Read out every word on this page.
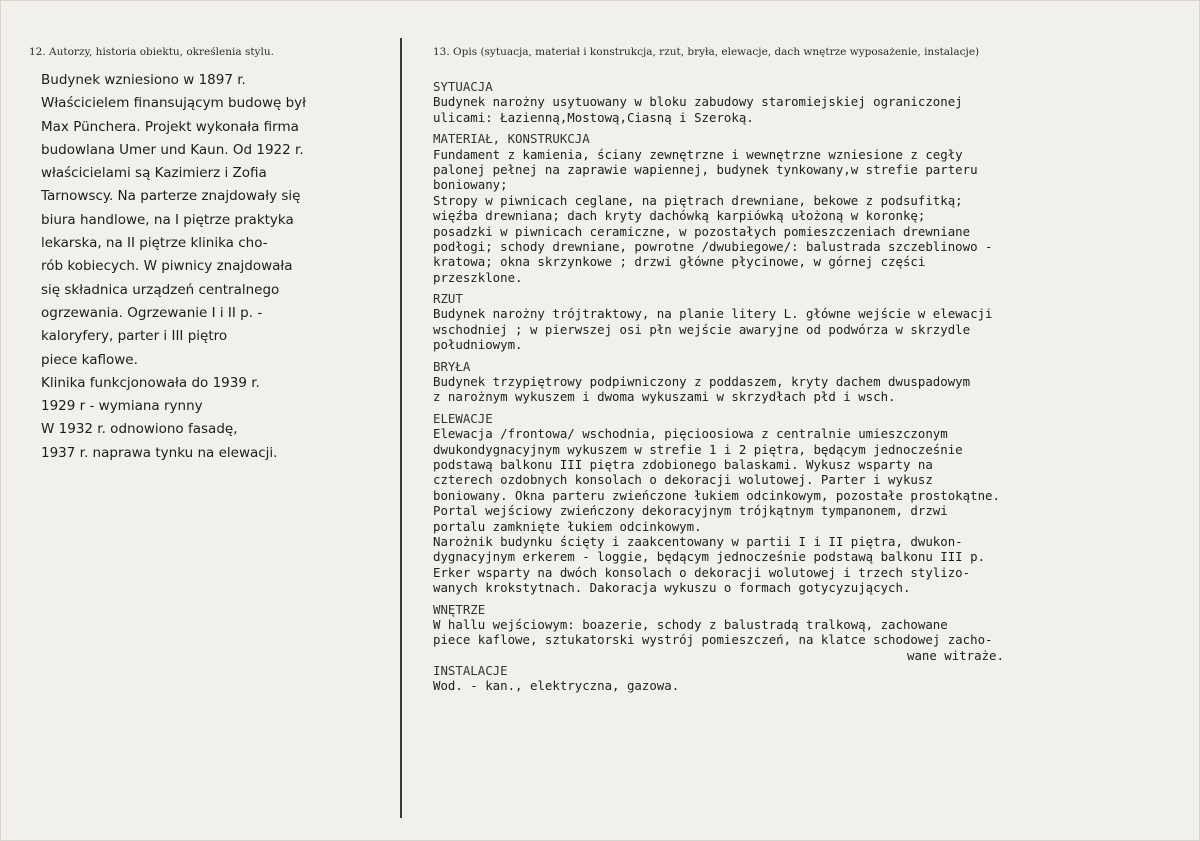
12. Autorzy, historia obiektu, określenia stylu.	13. Opis (sytuacja, materiał i konstrukcja, rzut, bryła, elewacje, dach wnętrze wyposażenie, instalacje)
Budynek wzniesiono w 1897 r.
Właścicielem finansującym budowę był
Max Pünchera. Projekt wykonała firma
budowlana Umer und Kaun. Od 1922 r.
właścicielami są Kazimierz i Zofia
Tarnowscy. Na parterze znajdowały się
biura handlowe, na I piętrze praktyka
lekarska, na II piętrze klinika cho-
rób kobiecych. W piwnicy znajdowała
się składnica urządzeń centralnego
ogrzewania. Ogrzewanie I i II p. -
kaloryfery, parter i III piętro
piece kaflowe.
Klinika funkcjonowała do 1939 r.
1929 r - wymiana rynny
W 1932 r. odnowiono fasadę,
1937 r. naprawa tynku na elewacji.
SYTUACJA
Budynek narożny usytuowany w bloku zabudowy staromiejskiej ograniczonej
ulicami: Łazienną,Mostową,Ciasną i Szeroką.
MATERIAŁ, KONSTRUKCJA
Fundament z kamienia, ściany zewnętrzne i wewnętrzne wzniesione z cegły
palonej pełnej na zaprawie wapiennej, budynek tynkowany,w strefie parteru
boniowany;
Stropy w piwnicach ceglane, na piętrach drewniane, bekowe z podsufitką;
więźba drewniana; dach kryty dachówką karpiówką ułożoną w koronkę;
posadzki w piwnicach ceramiczne, w pozostałych pomieszczeniach drewniane
podłogi; schody drewniane, powrotne /dwubiegowe/: balustrada szczeblinowo -
kratowa; okna skrzynkowe ; drzwi główne płycinowe, w górnej części
przeszklone.
RZUT
Budynek narożny trójtraktowy, na planie litery L. główne wejście w elewacji
wschodniej ; w pierwszej osi płn wejście awaryjne od podwórza w skrzydle
południowym.
BRYŁA
Budynek trzypiętrowy podpiwniczony z poddaszem, kryty dachem dwuspadowym
z narożnym wykuszem i dwoma wykuszami w skrzydłach płd i wsch.
ELEWACJE
Elewacja /frontowa/ wschodnia, pięcioosiowa z centralnie umieszczonym
dwukondygnacyjnym wykuszem w strefie 1 i 2 piętra, będącym jednocześnie
podstawą balkonu III piętra zdobionego balaskami. Wykusz wsparty na
czterech ozdobnych konsolach o dekoracji wolutowej. Parter i wykusz
boniowany. Okna parteru zwieńczone łukiem odcinkowym, pozostałe prostokątne.
Portal wejściowy zwieńczony dekoracyjnym trójkątnym tympanonem, drzwi
portalu zamknięte łukiem odcinkowym.
Narożnik budynku ścięty i zaakcentowany w partii I i II piętra, dwukon-
dygnacyjnym erkerem - loggie, będącym jednocześnie podstawą balkonu III p.
Erker wsparty na dwóch konsolach o dekoracji wolutowej i trzech stylizo-
wanych krokstytnach. Dakoracja wykuszu o formach gotycyzujących.
WNĘTRZE
W hallu wejściowym: boazerie, schody z balustradą tralkową, zachowane
piece kaflowe, sztukatorski wystrój pomieszczeń, na klatce schodowej zacho-
wane witraże.
INSTALACJE
Wod. - kan., elektryczna, gazowa.
